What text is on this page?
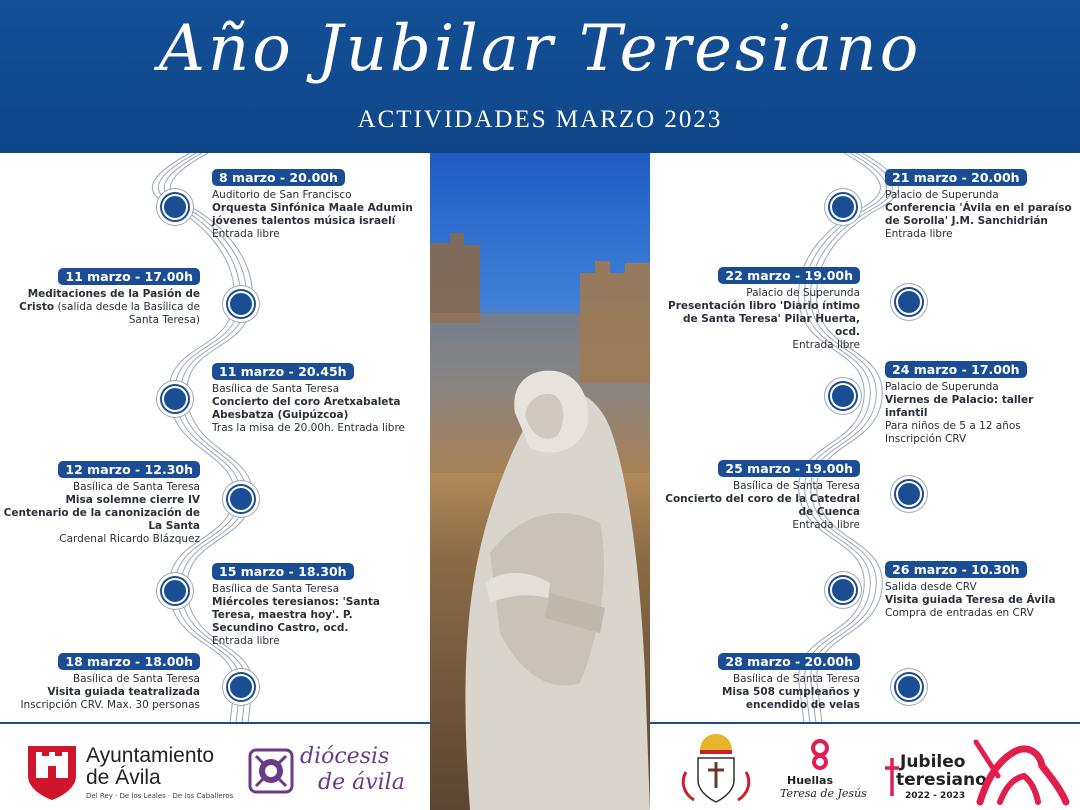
Año Jubilar Teresiano
ACTIVIDADES MARZO 2023
8 marzo - 20.00h
Auditorio de San Francisco
Orquesta Sinfónica Maale Adumin jóvenes talentos música israelí
Entrada libre
11 marzo - 17.00h
Meditaciones de la Pasión de Cristo (salida desde la Basílica de Santa Teresa)
11 marzo - 20.45h
Basílica de Santa Teresa
Concierto del coro Aretxabaleta Abesbatza (Guipúzcoa)
Tras la misa de 20.00h. Entrada libre
12 marzo - 12.30h
Basílica de Santa Teresa
Misa solemne cierre IV Centenario de la canonización de La Santa
Cardenal Ricardo Blázquez
15 marzo - 18.30h
Basílica de Santa Teresa
Miércoles teresianos: 'Santa Teresa, maestra hoy'. P. Secundino Castro, ocd.
Entrada libre
18 marzo - 18.00h
Basílica de Santa Teresa
Visita guiada teatralizada
Inscripción CRV. Max. 30 personas
21 marzo - 20.00h
Palacio de Superunda
Conferencia 'Ávila en el paraíso de Sorolla' J.M. Sanchidrián
Entrada libre
22 marzo - 19.00h
Palacio de Superunda
Presentación libro 'Diario íntimo de Santa Teresa' Pilar Huerta, ocd.
Entrada libre
24 marzo - 17.00h
Palacio de Superunda
Viernes de Palacio: taller infantil
Para niños de 5 a 12 años
Inscripción CRV
25 marzo - 19.00h
Basílica de Santa Teresa
Concierto del coro de la Catedral de Cuenca
Entrada libre
26 marzo - 10.30h
Salida desde CRV
Visita guiada Teresa de Ávila
Compra de entradas en CRV
28 marzo - 20.00h
Basílica de Santa Teresa
Misa 508 cumpleaños y encendido de velas
Ayuntamiento
de Ávila
Del Rey · De los Leales · De los Caballeros
diócesis
de ávila	Huellas
Teresa de Jesús
Jubileo
teresiano
2022 - 2023
